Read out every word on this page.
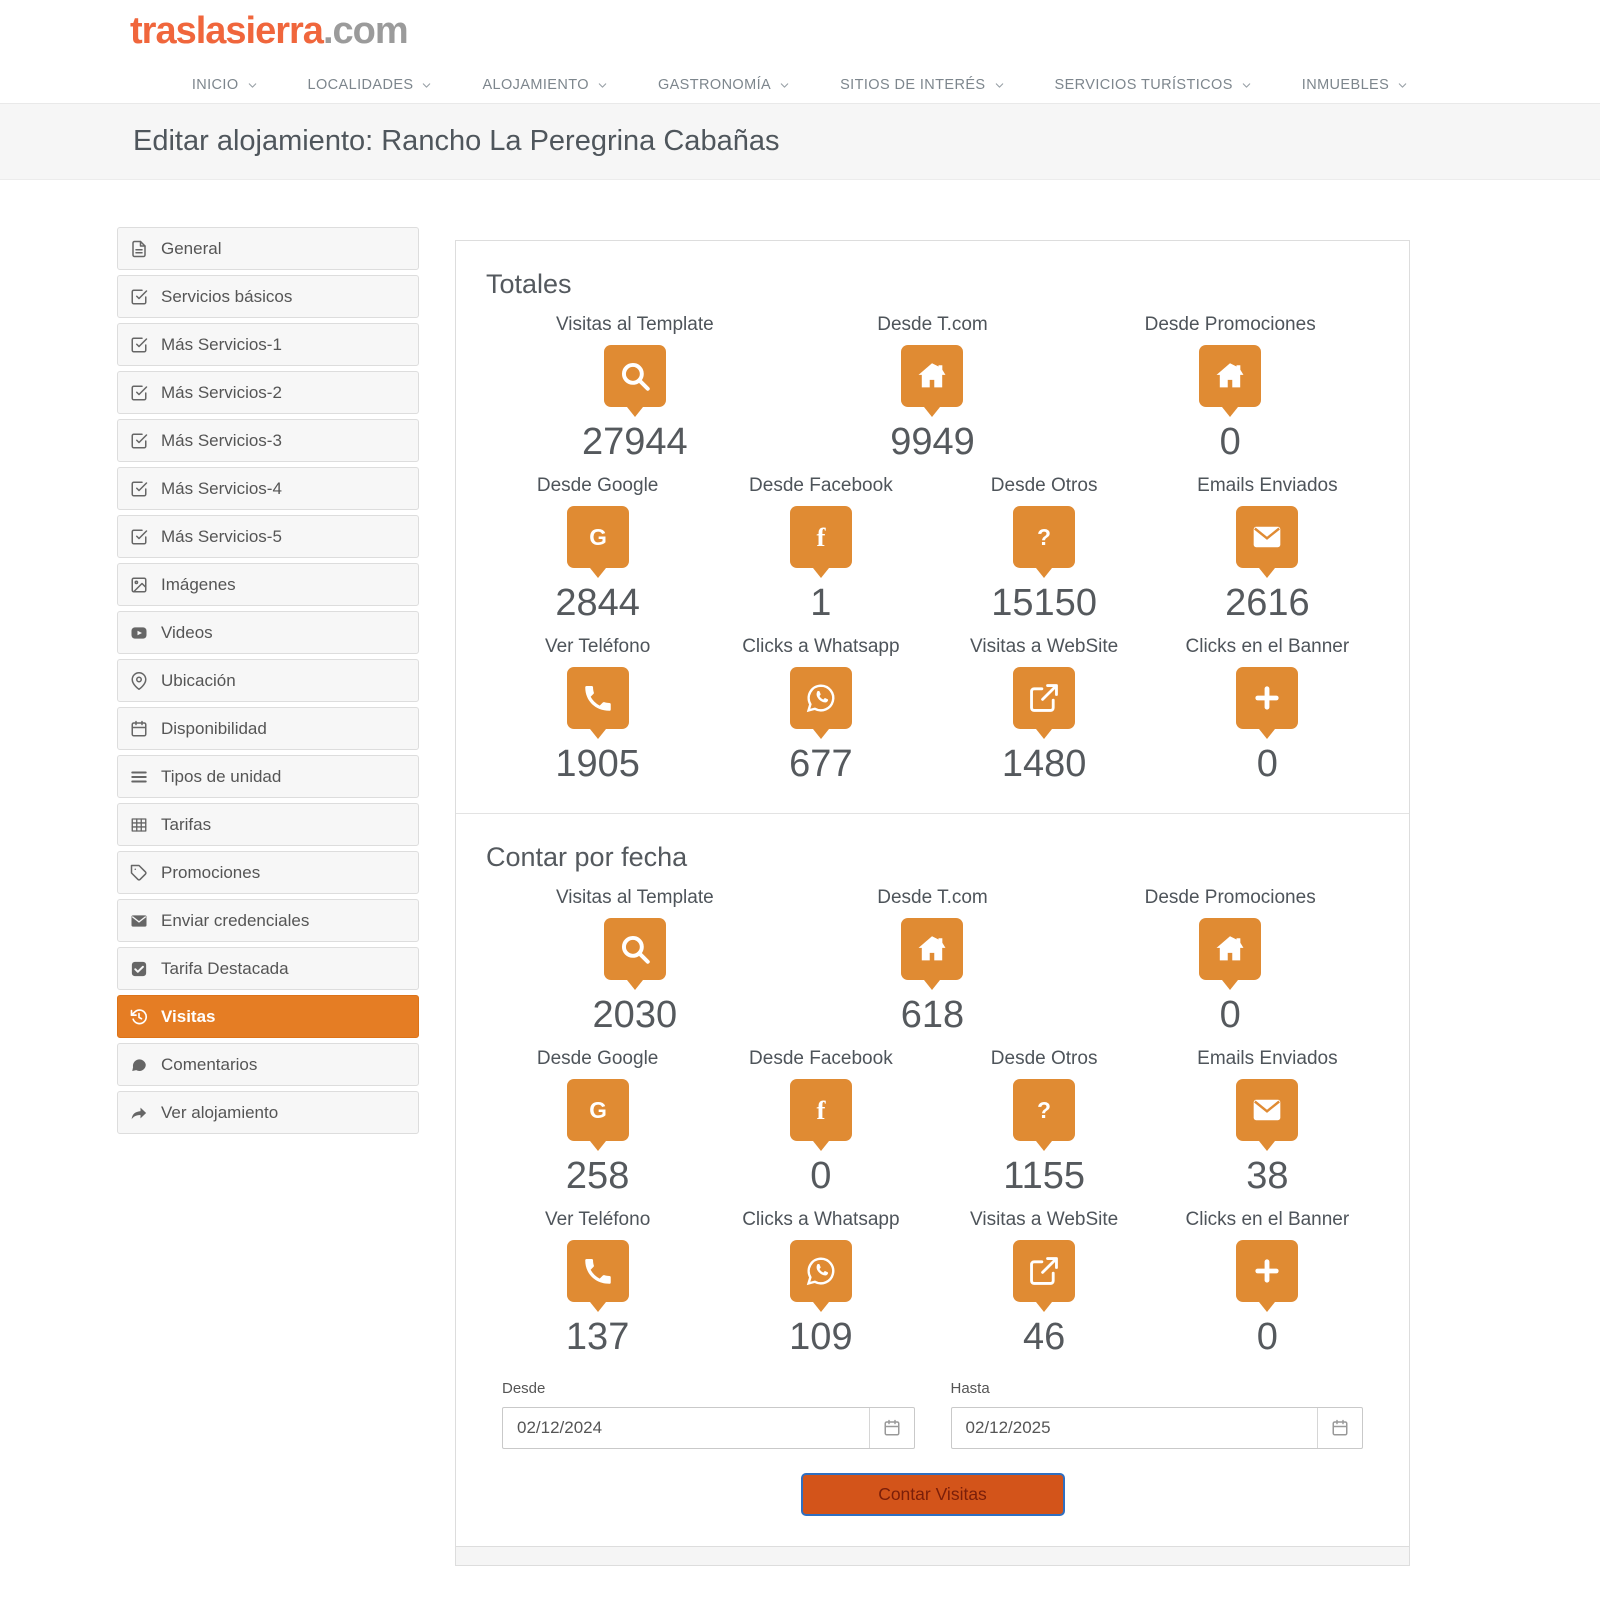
traslasierra.com
INICIO	LOCALIDADES	ALOJAMIENTO	GASTRONOMÍA	SITIOS DE INTERÉS	SERVICIOS TURÍSTICOS	INMUEBLES
Editar alojamiento: Rancho La Peregrina Cabañas
General
Servicios básicos
Más Servicios-1
Más Servicios-2
Más Servicios-3
Más Servicios-4
Más Servicios-5
Imágenes
Videos
Ubicación
Disponibilidad
Tipos de unidad
Tarifas
Promociones
Enviar credenciales
Tarifa Destacada
Visitas
Comentarios
Ver alojamiento
Totales
Visitas al Template
27944
Desde T.com
9949
Desde Promociones
0
Desde Google
G
2844
Desde Facebook
f
1
Desde Otros
?
15150
Emails Enviados
2616
Ver Teléfono
1905
Clicks a Whatsapp
677
Visitas a WebSite
1480
Clicks en el Banner
0
Contar por fecha
Visitas al Template
2030
Desde T.com
618
Desde Promociones
0
Desde Google
G
258
Desde Facebook
f
0
Desde Otros
?
1155
Emails Enviados
38
Ver Teléfono
137
Clicks a Whatsapp
109
Visitas a WebSite
46
Clicks en el Banner
0
Desde
02/12/2024	Hasta
02/12/2025
Contar Visitas
